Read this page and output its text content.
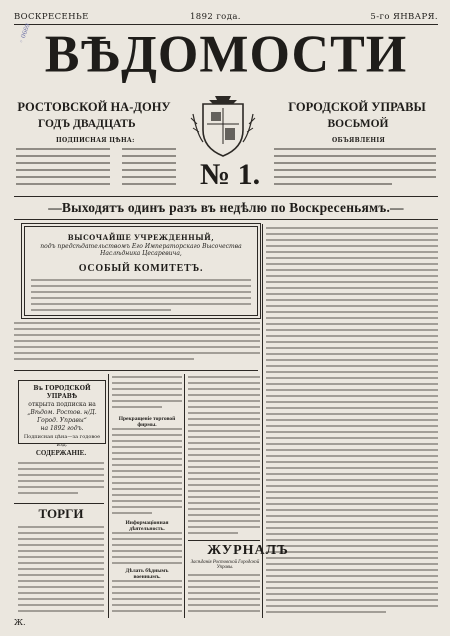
ВОСКРЕСЕНЬЕ	1892 года.	5-го ЯНВАРЯ.
ВѢДОМОСТИ
РОСТОВСКОЙ НА-ДОНУ	ГОРОДСКОЙ УПРАВЫ
ГОДЪ ДВАДЦАТЬ	ВОСЬМОЙ
№ 1.
ПОДПИСНАЯ ЦѢНА:	ОБЪЯВЛЕНІЯ
—Выходятъ одинъ разъ въ недѣлю по Воскресеньямъ.—
ВЫСОЧАЙШЕ УЧРЕЖДЕННЫЙ,
подъ предсѣдательствомъ Его Императорскаго Высочества Наслѣдника Цесаревича,
ОСОБЫЙ КОМИТЕТЪ.
Въ ГОРОДСКОЙ УПРАВѢ
открыта подписка на
„Вѣдом. Ростов. н/Д. Город. Управы“
на 1892 годъ.
Подписная цѣна—за годовое изд.
СОДЕРЖАНІЕ.
ТОРГИ
Прекращеніе торговой фирмы.
Информаціонная дѣятельность.
Дѣлать бѣднымъ военнымъ.
ЖУРНАЛЪ
Засѣданія Ростовской Городской Управы.
◦ 0669
Ж.
